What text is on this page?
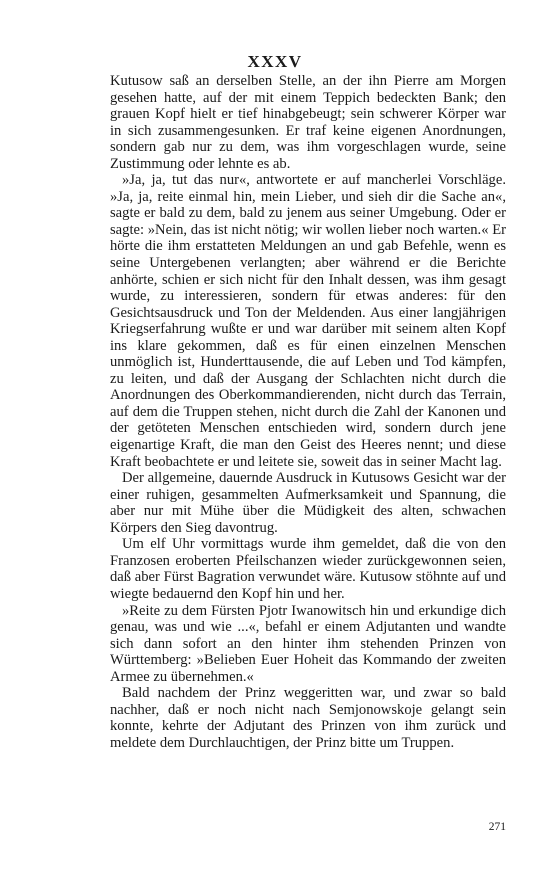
XXXV

Kutusow saß an derselben Stelle, an der ihn Pierre am Morgen gesehen hatte, auf der mit einem Teppich bedeckten Bank; den grauen Kopf hielt er tief hinabgebeugt; sein schwerer Körper war in sich zusammengesunken. Er traf keine eigenen Anordnungen, sondern gab nur zu dem, was ihm vorgeschlagen wurde, seine Zustimmung oder lehnte es ab.

»Ja, ja, tut das nur«, antwortete er auf mancherlei Vorschläge. »Ja, ja, reite einmal hin, mein Lieber, und sieh dir die Sache an«, sagte er bald zu dem, bald zu jenem aus seiner Umgebung. Oder er sagte: »Nein, das ist nicht nötig; wir wollen lieber noch warten.« Er hörte die ihm erstatteten Meldungen an und gab Befehle, wenn es seine Untergebenen verlangten; aber während er die Berichte anhörte, schien er sich nicht für den Inhalt dessen, was ihm gesagt wurde, zu interessieren, sondern für etwas anderes: für den Gesichtsausdruck und Ton der Meldenden. Aus einer langjährigen Kriegserfahrung wußte er und war darüber mit seinem alten Kopf ins klare gekommen, daß es für einen einzelnen Menschen unmöglich ist, Hunderttausende, die auf Leben und Tod kämpfen, zu leiten, und daß der Ausgang der Schlachten nicht durch die Anordnungen des Oberkommandierenden, nicht durch das Terrain, auf dem die Truppen stehen, nicht durch die Zahl der Kanonen und der getöteten Menschen entschieden wird, sondern durch jene eigenartige Kraft, die man den Geist des Heeres nennt; und diese Kraft beobachtete er und leitete sie, soweit das in seiner Macht lag.

Der allgemeine, dauernde Ausdruck in Kutusows Gesicht war der einer ruhigen, gesammelten Aufmerksamkeit und Spannung, die aber nur mit Mühe über die Müdigkeit des alten, schwachen Körpers den Sieg davontrug.

Um elf Uhr vormittags wurde ihm gemeldet, daß die von den Franzosen eroberten Pfeilschanzen wieder zurückgewonnen seien, daß aber Fürst Bagration verwundet wäre. Kutusow stöhnte auf und wiegte bedauernd den Kopf hin und her.

»Reite zu dem Fürsten Pjotr Iwanowitsch hin und erkundige dich genau, was und wie ...«, befahl er einem Adjutanten und wandte sich dann sofort an den hinter ihm stehenden Prinzen von Württemberg: »Belieben Euer Hoheit das Kommando der zweiten Armee zu übernehmen.«

Bald nachdem der Prinz weggeritten war, und zwar so bald nachher, daß er noch nicht nach Semjonowskoje gelangt sein konnte, kehrte der Adjutant des Prinzen von ihm zurück und meldete dem Durchlauchtigen, der Prinz bitte um Truppen.

271
